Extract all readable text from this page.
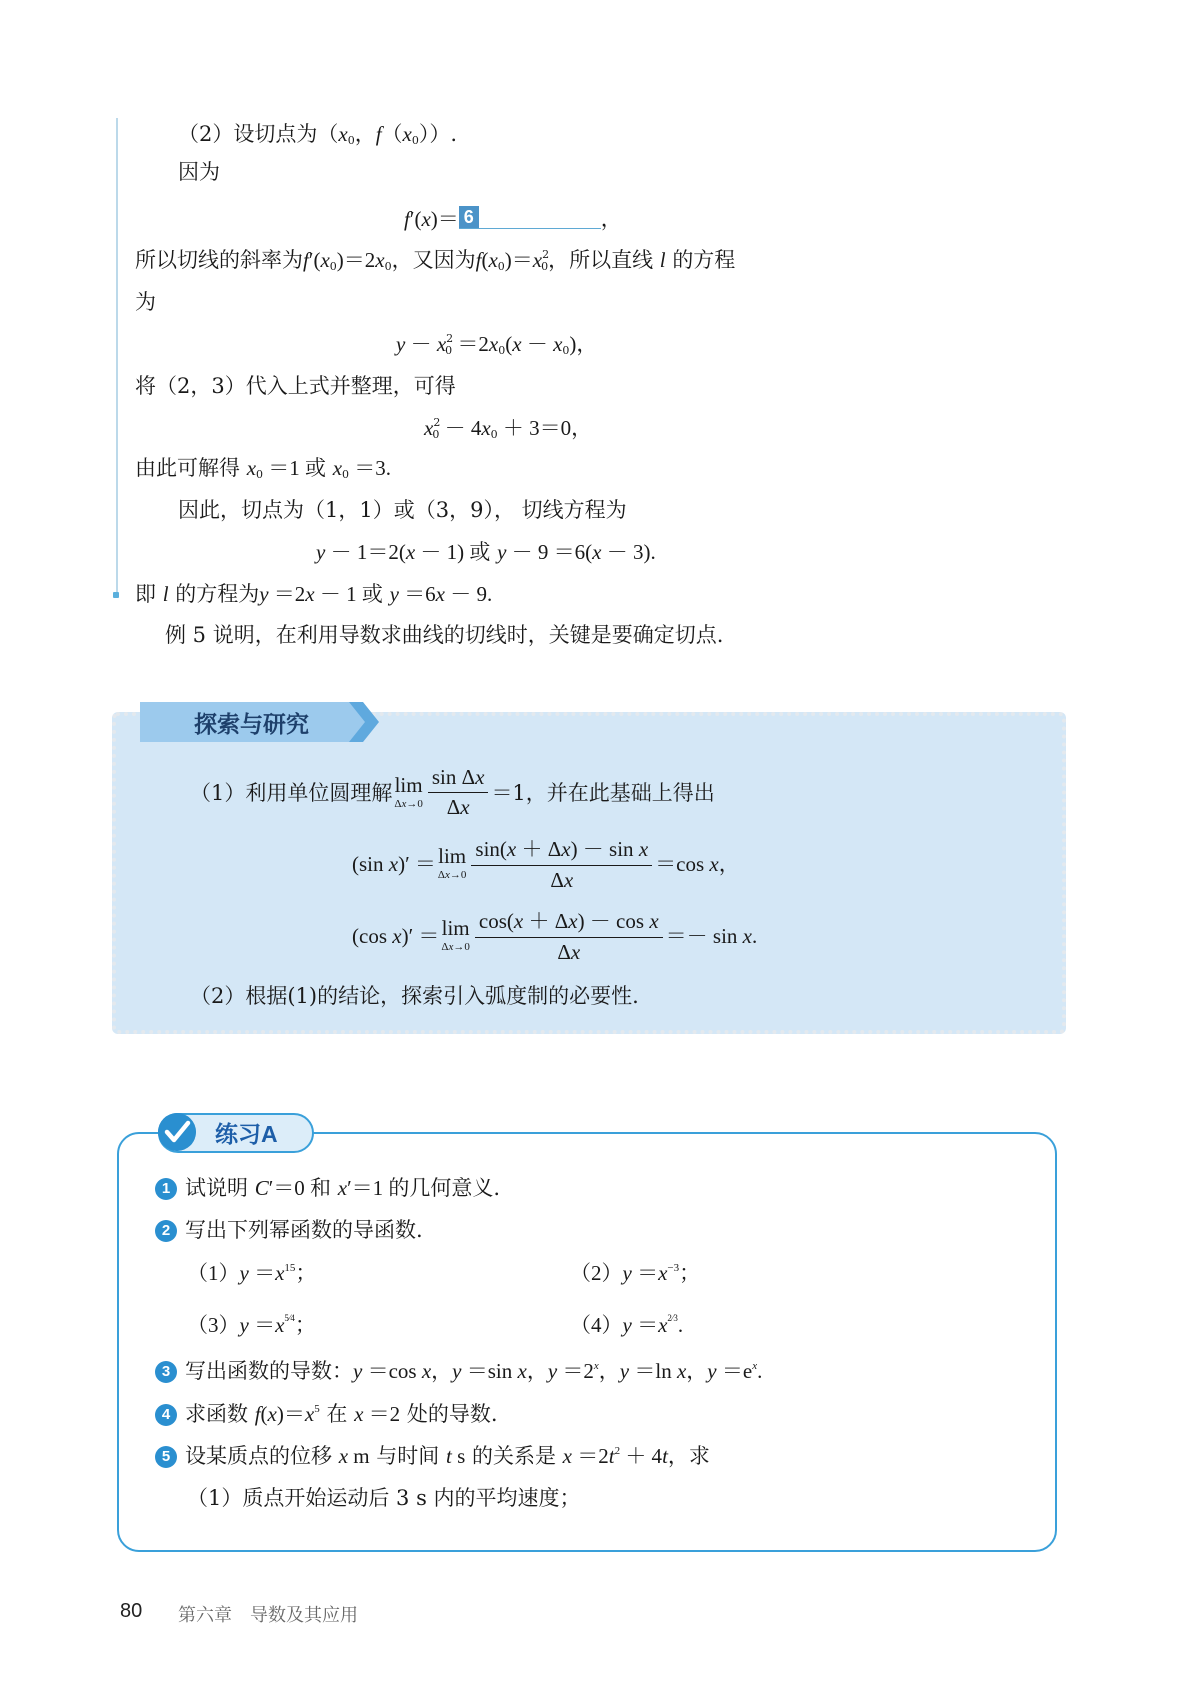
（2）设切点为（$x_0$，$f(x_0)$）.
因为
f′(x)＝ 6	，
所以切线的斜率为$f'(x_0)=2x_0$，又因为$f(x_0)=x^2_0$，所以直线 l 的方程
为
$y - x^2_0 =2x_0(x - x_0)$，
将（2，3）代入上式并整理，可得
$x^2_0 - 4x_0 + 3=0$，
由此可解得 $x_0 =1$ 或 $x_0 =3$.
因此，切点为（1，1）或（3，9）， 切线方程为
y － 1＝2(x － 1) 或 y － 9 ＝6(x － 3).
即 l 的方程为y ＝2x － 1 或 y ＝6x － 9.
例 5 说明，在利用导数求曲线的切线时，关键是要确定切点.
探索与研究
（1）利用单位圆理解 lim
$\Delta x\to 0 \frac{\text{sin Δx}}{\Delta x} =1$，并在此基础上得出
(sin x)′ ＝ lim
$\Delta x\to 0 \frac{\text{sin(x ＋ Δx) － sin x}}{\Delta x} =\cos$ x，
(cos x)′ ＝ lim
$\Delta x\to 0 \frac{\text{cos(x ＋ Δx) － cos x}}{\Delta x} =- \sin x$.
（2）根据(1)的结论，探索引入弧度制的必要性.
练习A
1 试说明 C′＝0 和 x′＝1 的几何意义.
2 写出下列幂函数的导函数.
$(1)y =x^{15}$；	$(2)y =x^{-3}$；
$(3)y =x^{5⁄4}$；	$(4)y =x^{2⁄3}$.
3 写出函数的导数：y ＝cos x，y ＝sin x，$y =2^x$，y ＝ln x，$y =e^x$.
4 求函数 $f(x)=x^5$ 在 x ＝2 处的导数.
5 设某质点的位移 x m 与时间 t s 的关系是 $x =2t^2 + 4t$，求
（1）质点开始运动后 3 s 内的平均速度；
80 第六章　导数及其应用
